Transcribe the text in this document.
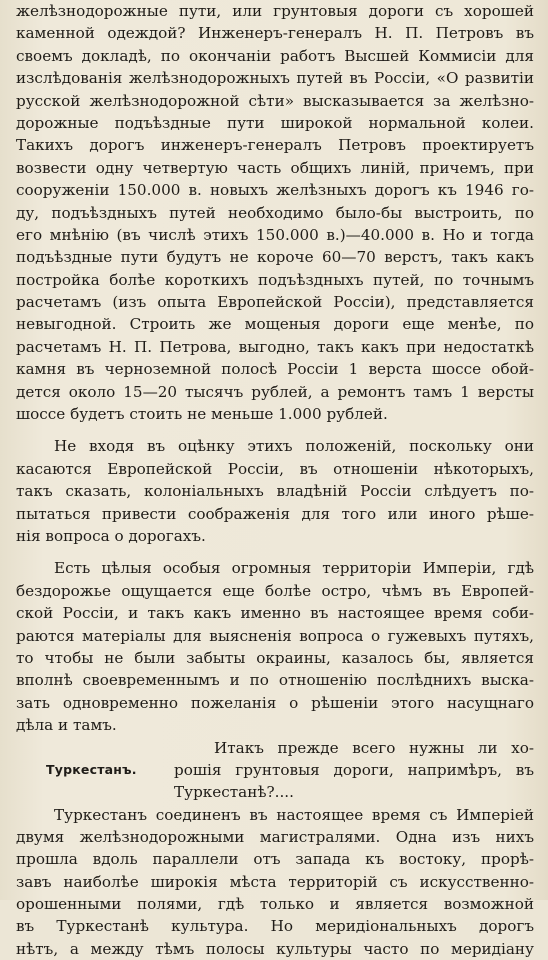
желѣзнодорожные пути, или грунтовыя дороги съ хорошей
каменной одеждой? Инженеръ-генералъ Н. П. Петровъ въ
своемъ докладѣ, по окончаніи работъ Высшей Коммисіи для
изслѣдованія желѣзнодорожныхъ путей въ Россіи, «О развитіи
русской желѣзнодорожной сѣти» высказывается за желѣзно-
дорожные подъѣздные пути широкой нормальной колеи.
Такихъ дорогъ инженеръ-генералъ Петровъ проектируетъ
возвести одну четвертую часть общихъ линій, причемъ, при
сооруженіи 150.000 в. новыхъ желѣзныхъ дорогъ къ 1946 го-
ду, подъѣздныхъ путей необходимо было-бы выстроить, по
его мнѣнію (въ числѣ этихъ 150.000 в.)—40.000 в. Но и тогда
подъѣздные пути будутъ не короче 60—70 верстъ, такъ какъ
постройка болѣе короткихъ подъѣздныхъ путей, по точнымъ
расчетамъ (изъ опыта Европейской Россіи), представляется
невыгодной. Строить же мощеныя дороги еще менѣе, по
расчетамъ Н. П. Петрова, выгодно, такъ какъ при недостаткѣ
камня въ черноземной полосѣ Россіи 1 верста шоссе обой-
дется около 15—20 тысячъ рублей, а ремонтъ тамъ 1 версты
шоссе будетъ стоить не меньше 1.000 рублей.
Не входя въ оцѣнку этихъ положеній, поскольку они
касаются Европейской Россіи, въ отношеніи нѣкоторыхъ,
такъ сказать, колоніальныхъ владѣній Россіи слѣдуетъ по-
пытаться привести соображенія для того или иного рѣше-
нія вопроса о дорогахъ.
Есть цѣлыя особыя огромныя территоріи Имперіи, гдѣ
бездорожье ощущается еще болѣе остро, чѣмъ въ Европей-
ской Россіи, и такъ какъ именно въ настоящее время соби-
раются матеріалы для выясненія вопроса о гужевыхъ путяхъ,
то чтобы не были забыты окраины, казалось бы, является
вполнѣ своевременнымъ и по отношенію послѣднихъ выска-
зать одновременно пожеланія о рѣшеніи этого насущнаго
дѣла и тамъ.
Туркестанъ.
Итакъ прежде всего нужны ли хо-
рошія грунтовыя дороги, напримѣръ, въ
Туркестанѣ?....
Туркестанъ соединенъ въ настоящее время съ Имперіей
двумя желѣзнодорожными магистралями. Одна изъ нихъ
прошла вдоль параллели отъ запада къ востоку, прорѣ-
завъ наиболѣе широкія мѣста территорій съ искусственно-
орошенными полями, гдѣ только и является возможной
въ Туркестанѣ культура. Но меридіональныхъ дорогъ
нѣтъ, а между тѣмъ полосы культуры часто по меридіану
